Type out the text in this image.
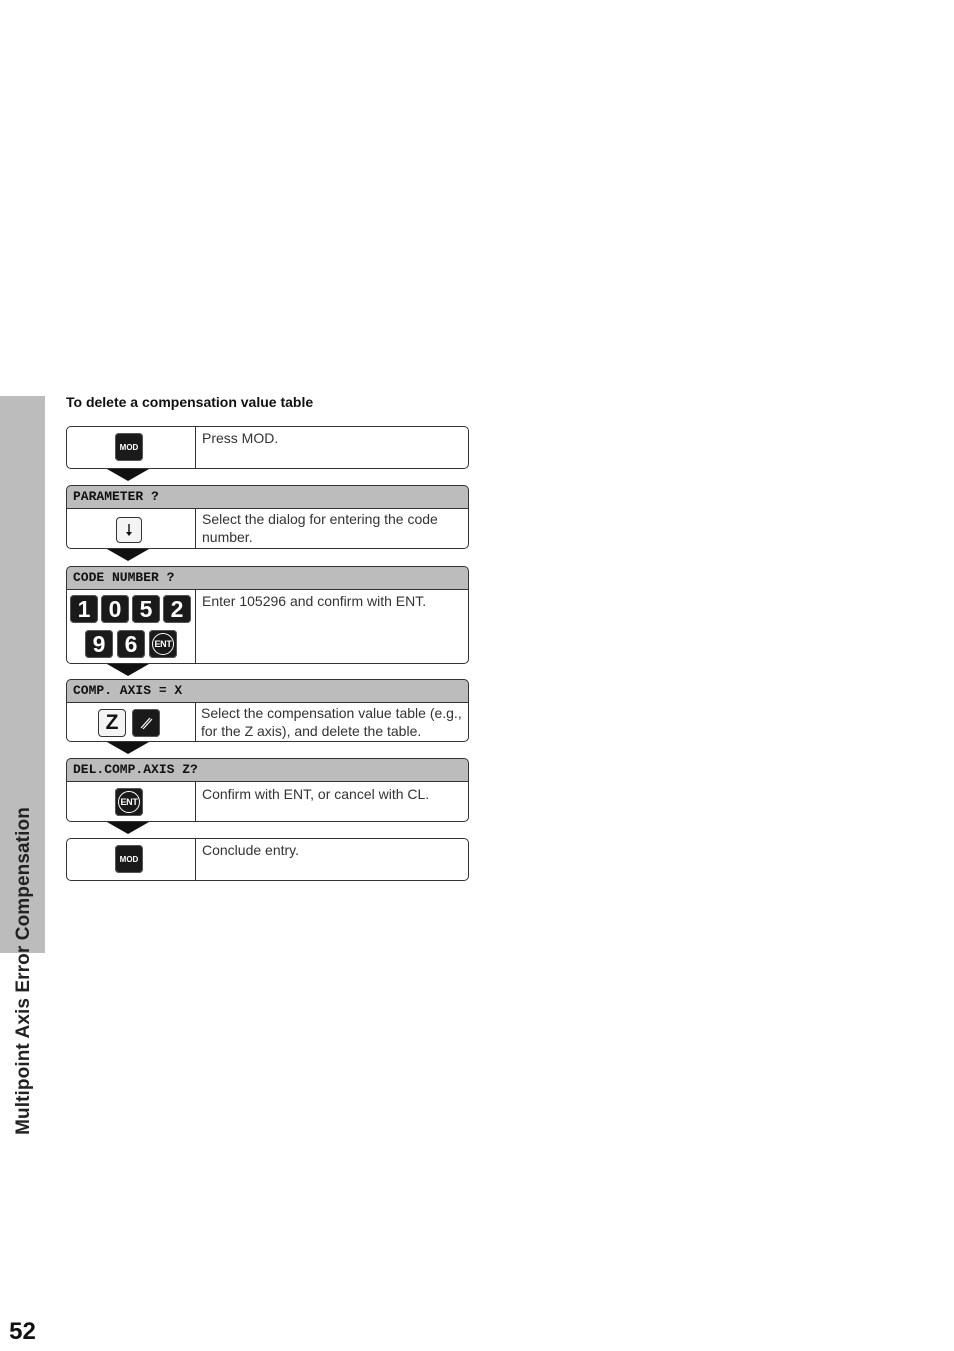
Multipoint Axis Error Compensation
52
To delete a compensation value table
MOD
Press MOD.
PARAMETER ?
Select the dialog for entering the code number.
CODE NUMBER ?
1 0 5 2
9 6 ENT
Enter 105296 and confirm with ENT.
COMP. AXIS = X
Z	Select the compensation value table (e.g., for the Z axis), and delete the table.
DEL.COMP.AXIS Z?
ENT	Confirm with ENT, or cancel with CL.
MOD
Conclude entry.
